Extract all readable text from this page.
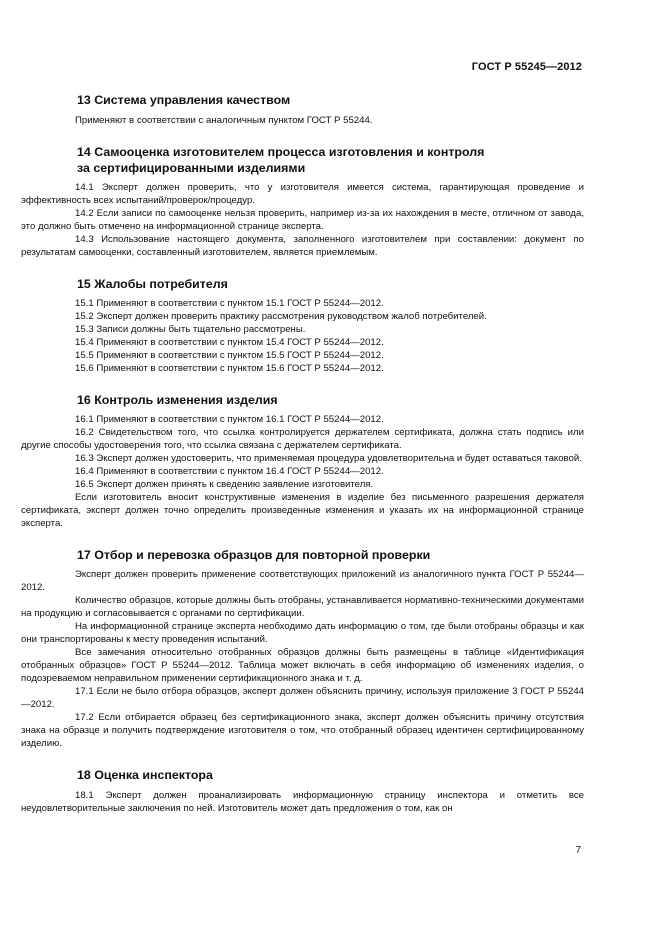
ГОСТ Р 55245—2012
13 Система управления качеством

Применяют в соответствии с аналогичным пунктом ГОСТ Р 55244.

14 Самооценка изготовителем процесса изготовления и контроля
за сертифицированными изделиями

14.1 Эксперт должен проверить, что у изготовителя имеется система, гарантирующая проведение и эффективность всех испытаний/проверок/процедур.

14.2 Если записи по самооценке нельзя проверить, например из-за их нахождения в месте, отличном от завода, это должно быть отмечено на информационной странице эксперта.

14.3 Использование настоящего документа, заполненного изготовителем при составлении: документ по результатам самооценки, составленный изготовителем, является приемлемым.

15 Жалобы потребителя

15.1 Применяют в соответствии с пунктом 15.1 ГОСТ Р 55244—2012.

15.2 Эксперт должен проверить практику рассмотрения руководством жалоб потребителей.

15.3 Записи должны быть тщательно рассмотрены.

15.4 Применяют в соответствии с пунктом 15.4 ГОСТ Р 55244—2012.

15.5 Применяют в соответствии с пунктом 15.5 ГОСТ Р 55244—2012.

15.6 Применяют в соответствии с пунктом 15.6 ГОСТ Р 55244—2012.

16 Контроль изменения изделия

16.1 Применяют в соответствии с пунктом 16.1 ГОСТ Р 55244—2012.

16.2 Свидетельством того, что ссылка контролируется держателем сертификата, должна стать подпись или другие способы удостоверения того, что ссылка связана с держателем сертификата.

16.3 Эксперт должен удостоверить, что применяемая процедура удовлетворительна и будет оставаться таковой.

16.4 Применяют в соответствии с пунктом 16.4 ГОСТ Р 55244—2012.

16.5 Эксперт должен принять к сведению заявление изготовителя.

Если изготовитель вносит конструктивные изменения в изделие без письменного разрешения держателя сертификата, эксперт должен точно определить произведенные изменения и указать их на информационной странице эксперта.

17 Отбор и перевозка образцов для повторной проверки

Эксперт должен проверить применение соответствующих приложений из аналогичного пункта ГОСТ Р 55244—2012.

Количество образцов, которые должны быть отобраны, устанавливается нормативно-техническими документами на продукцию и согласовывается с органами по сертификации.

На информационной странице эксперта необходимо дать информацию о том, где были отобраны образцы и как они транспортированы к месту проведения испытаний.

Все замечания относительно отобранных образцов должны быть размещены в таблице «Идентификация отобранных образцов» ГОСТ Р 55244—2012. Таблица может включать в себя информацию об изменениях изделия, о подозреваемом неправильном применении сертификационного знака и т. д.

17.1 Если не было отбора образцов, эксперт должен объяснить причину, используя приложение 3 ГОСТ Р 55244—2012.

17.2 Если отбирается образец без сертификационного знака, эксперт должен объяснить причину отсутствия знака на образце и получить подтверждение изготовителя о том, что отобранный образец идентичен сертифицированному изделию.

18 Оценка инспектора

18.1 Эксперт должен проанализировать информационную страницу инспектора и отметить все неудовлетворительные заключения по ней. Изготовитель может дать предложения о том, как он

7
